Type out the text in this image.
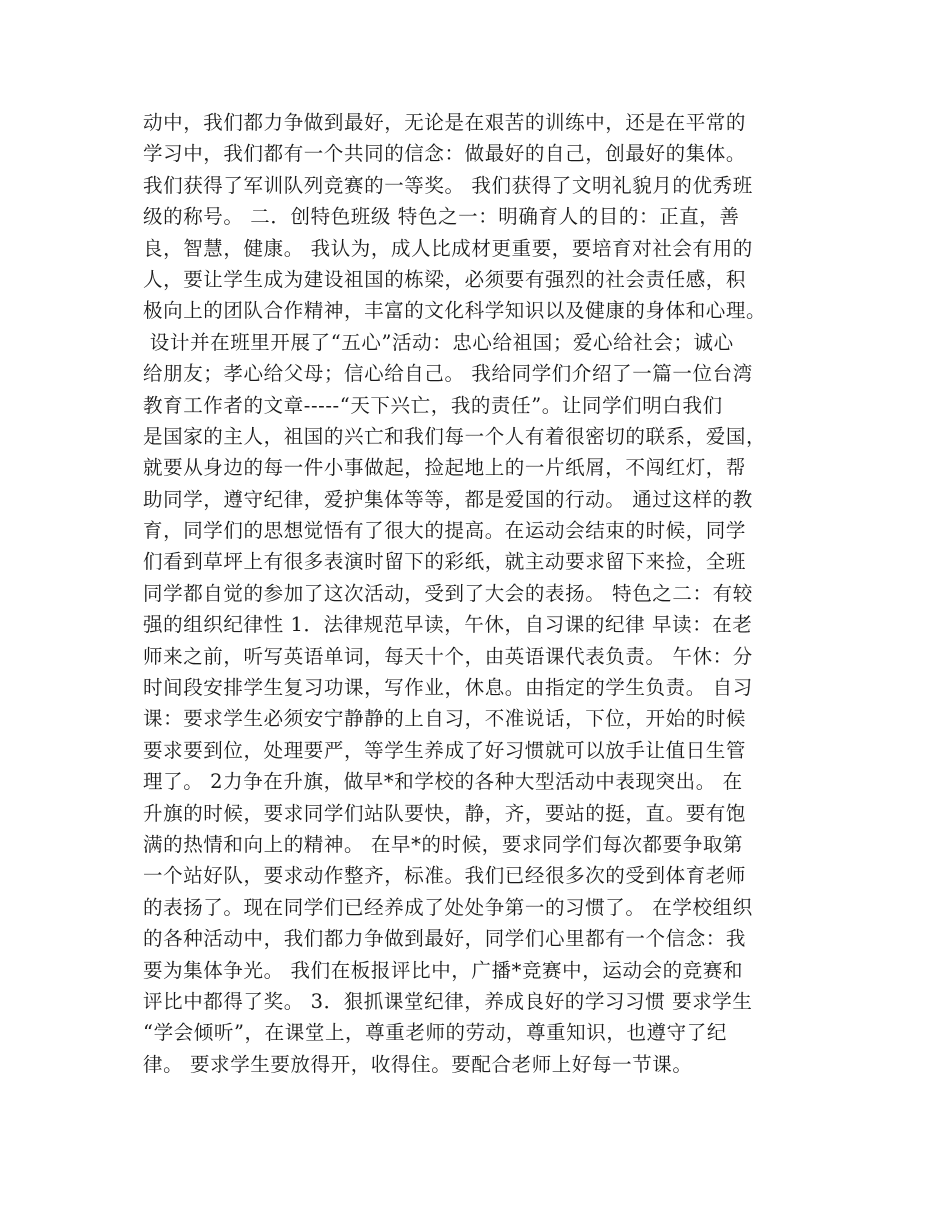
动中，我们都力争做到最好，无论是在艰苦的训练中，还是在平常的
学习中，我们都有一个共同的信念：做最好的自己，创最好的集体。
我们获得了军训队列竞赛的一等奖。 我们获得了文明礼貌月的优秀班
级的称号。 二．创特色班级 特色之一：明确育人的目的：正直，善
良，智慧，健康。 我认为，成人比成材更重要，要培育对社会有用的
人，要让学生成为建设祖国的栋梁，必须要有强烈的社会责任感，积
极向上的团队合作精神，丰富的文化科学知识以及健康的身体和心理。
设计并在班里开展了“五心”活动：忠心给祖国；爱心给社会；诚心
给朋友；孝心给父母；信心给自己。 我给同学们介绍了一篇一位台湾
教育工作者的文章-----“天下兴亡，我的责任”。让同学们明白我们
是国家的主人，祖国的兴亡和我们每一个人有着很密切的联系，爱国，
就要从身边的每一件小事做起，捡起地上的一片纸屑，不闯红灯，帮
助同学，遵守纪律，爱护集体等等，都是爱国的行动。 通过这样的教
育，同学们的思想觉悟有了很大的提高。在运动会结束的时候，同学
们看到草坪上有很多表演时留下的彩纸，就主动要求留下来捡，全班
同学都自觉的参加了这次活动，受到了大会的表扬。 特色之二：有较
强的组织纪律性 1．法律规范早读，午休，自习课的纪律 早读：在老
师来之前，听写英语单词，每天十个，由英语课代表负责。 午休：分
时间段安排学生复习功课，写作业，休息。由指定的学生负责。 自习
课：要求学生必须安宁静静的上自习，不准说话，下位，开始的时候
要求要到位，处理要严，等学生养成了好习惯就可以放手让值日生管
理了。 2力争在升旗，做早*和学校的各种大型活动中表现突出。 在
升旗的时候，要求同学们站队要快，静，齐，要站的挺，直。要有饱
满的热情和向上的精神。 在早*的时候，要求同学们每次都要争取第
一个站好队，要求动作整齐，标准。我们已经很多次的受到体育老师
的表扬了。现在同学们已经养成了处处争第一的习惯了。 在学校组织
的各种活动中，我们都力争做到最好，同学们心里都有一个信念：我
要为集体争光。 我们在板报评比中，广播*竞赛中，运动会的竞赛和
评比中都得了奖。 3．狠抓课堂纪律，养成良好的学习习惯 要求学生
“学会倾听”，在课堂上，尊重老师的劳动，尊重知识，也遵守了纪
律。 要求学生要放得开，收得住。要配合老师上好每一节课。
